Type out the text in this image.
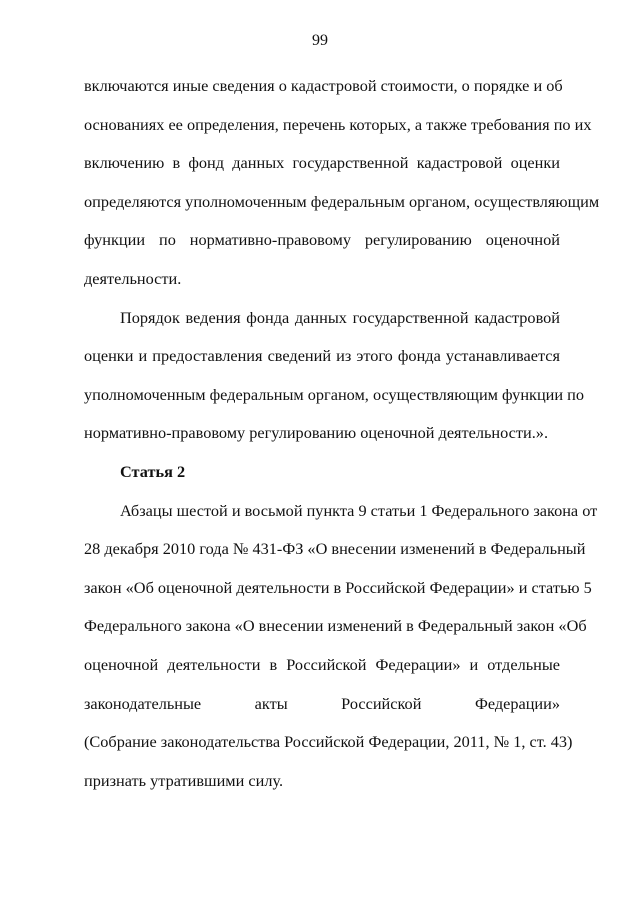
99
включаются иные сведения о кадастровой стоимости, о порядке и об
основаниях ее определения, перечень которых, а также требования по их
включению в фонд данных государственной кадастровой оценки
определяются уполномоченным федеральным органом, осуществляющим
функции по нормативно-правовому регулированию оценочной
деятельности.
Порядок ведения фонда данных государственной кадастровой
оценки и предоставления сведений из этого фонда устанавливается
уполномоченным федеральным органом, осуществляющим функции по
нормативно-правовому регулированию оценочной деятельности.».
Статья 2
Абзацы шестой и восьмой пункта 9 статьи 1 Федерального закона от
28 декабря 2010 года № 431-ФЗ «О внесении изменений в Федеральный
закон «Об оценочной деятельности в Российской Федерации» и статью 5
Федерального закона «О внесении изменений в Федеральный закон «Об
оценочной деятельности в Российской Федерации» и отдельные
законодательные акты Российской Федерации»
(Собрание законодательства Российской Федерации, 2011, № 1, ст. 43)
признать утратившими силу.
